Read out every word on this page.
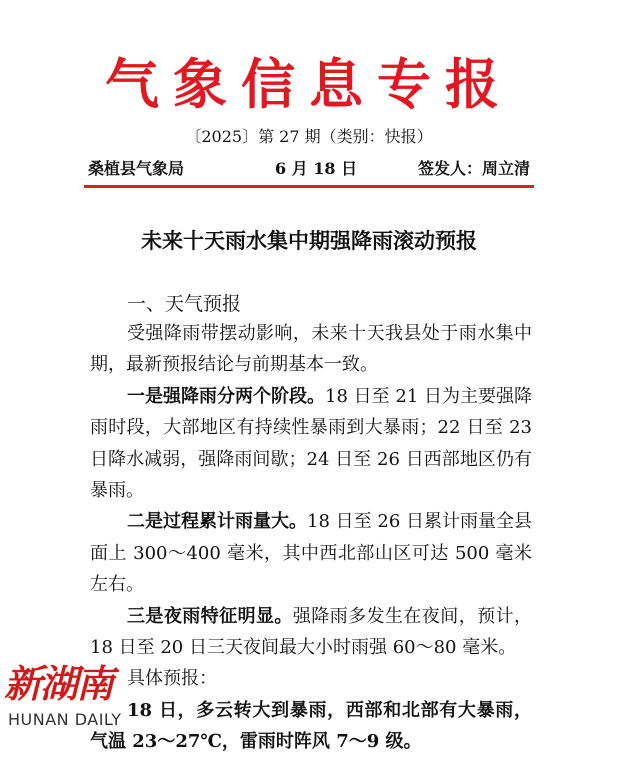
气象信息专报
〔2025〕第 27 期（类别：快报）
桑植县气象局	6 月 18 日	签发人：周立清
未来十天雨水集中期强降雨滚动预报
一、天气预报

受强降雨带摆动影响，未来十天我县处于雨水集中期，最新预报结论与前期基本一致。

一是强降雨分两个阶段。18 日至 21 日为主要强降雨时段，大部地区有持续性暴雨到大暴雨；22 日至 23 日降水减弱，强降雨间歇；24 日至 26 日西部地区仍有暴雨。

二是过程累计雨量大。18 日至 26 日累计雨量全县面上 300～400 毫米，其中西北部山区可达 500 毫米左右。

三是夜雨特征明显。强降雨多发生在夜间，预计，18 日至 20 日三天夜间最大小时雨强 60～80 毫米。

具体预报：

18 日，多云转大到暴雨，西部和北部有大暴雨，气温 23～27℃，雷雨时阵风 7～9 级。

新湖南
HUNAN DAILY
